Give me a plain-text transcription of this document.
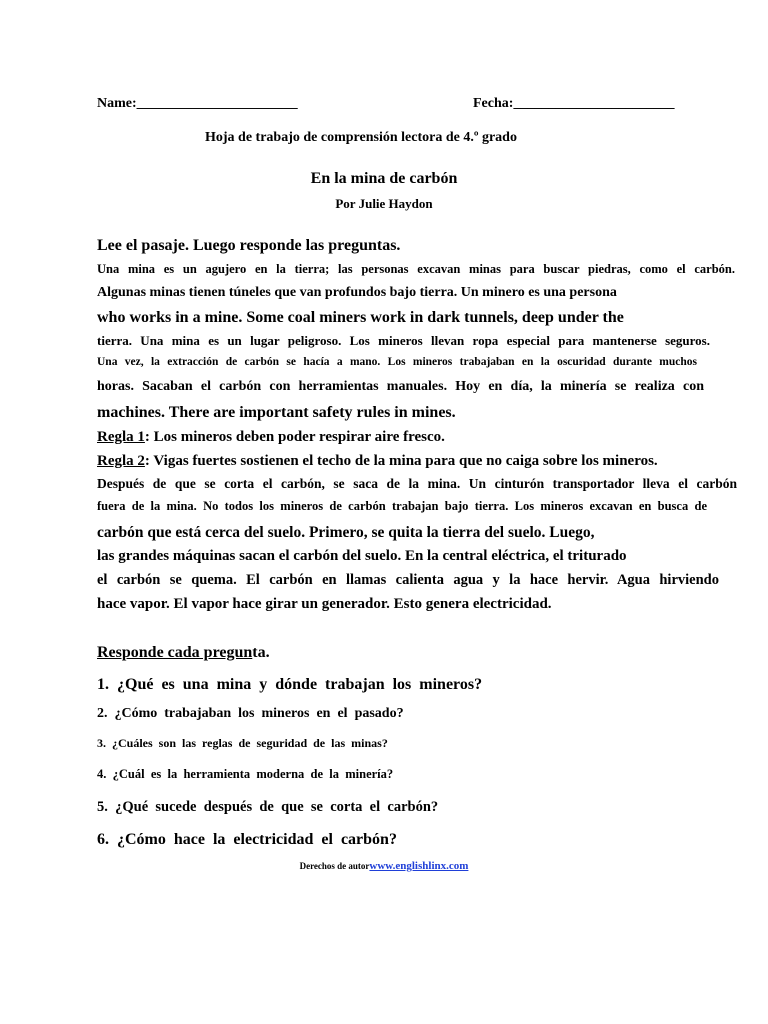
Name:_______________________	Fecha:_______________________
Hoja de trabajo de comprensión lectora de 4.º grado
En la mina de carbón
Por Julie Haydon
Lee el pasaje. Luego responde las preguntas.
Una mina es un agujero en la tierra; las personas excavan minas para buscar piedras, como el carbón.
Algunas minas tienen túneles que van profundos bajo tierra. Un minero es una persona
who works in a mine. Some coal miners work in dark tunnels, deep under the
tierra. Una mina es un lugar peligroso. Los mineros llevan ropa especial para mantenerse seguros.
Una vez, la extracción de carbón se hacía a mano. Los mineros trabajaban en la oscuridad durante muchos
horas. Sacaban el carbón con herramientas manuales. Hoy en día, la minería se realiza con
machines. There are important safety rules in mines.
Regla 1: Los mineros deben poder respirar aire fresco.
Regla 2: Vigas fuertes sostienen el techo de la mina para que no caiga sobre los mineros.
Después de que se corta el carbón, se saca de la mina. Un cinturón transportador lleva el carbón
fuera de la mina. No todos los mineros de carbón trabajan bajo tierra. Los mineros excavan en busca de
carbón que está cerca del suelo. Primero, se quita la tierra del suelo. Luego,
las grandes máquinas sacan el carbón del suelo. En la central eléctrica, el triturado
el carbón se quema. El carbón en llamas calienta agua y la hace hervir. Agua hirviendo
hace vapor. El vapor hace girar un generador. Esto genera electricidad.
Responde cada pregunta.
1.  ¿Qué  es  una  mina  y  dónde  trabajan  los  mineros?
2.  ¿Cómo  trabajaban  los  mineros  en  el  pasado?
3.  ¿Cuáles  son  las  reglas  de  seguridad  de  las  minas?
4.  ¿Cuál  es  la  herramienta  moderna  de  la  minería?
5.  ¿Qué  sucede  después  de  que  se  corta  el  carbón?
6.  ¿Cómo  hace  la  electricidad  el  carbón?
Derechos de autorwww.englishlinx.com
